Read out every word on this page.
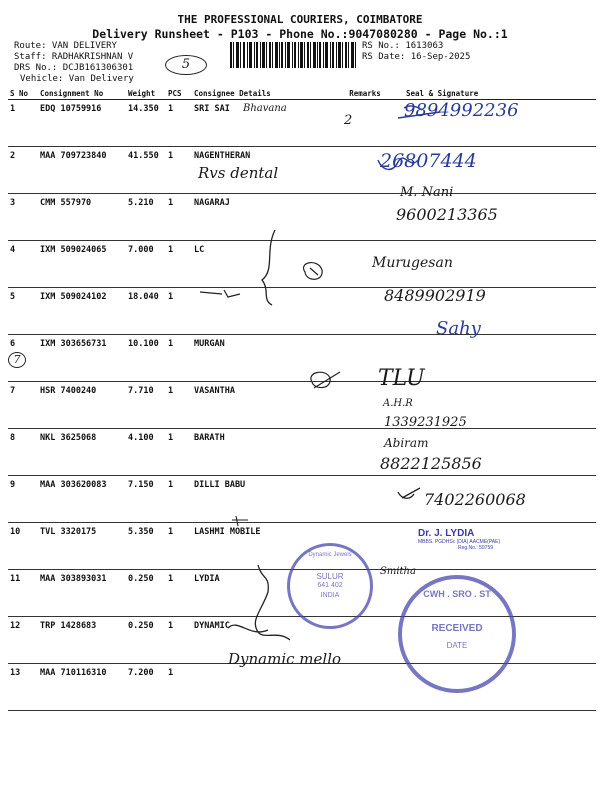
THE PROFESSIONAL COURIERS, COIMBATORE
Delivery Runsheet - P103 - Phone No.:9047080280 - Page No.:1
Route: VAN DELIVERY
Staff: RADHAKRISHNAN V
DRS No.: DCJB161306301
Vehicle: Van Delivery
RS No.: 1613063
RS Date: 16-Sep-2025
5
S No	Consignment No	Weight	PCS	Consignee Details	Remarks	Seal & Signature
1	EDQ 10759916	14.350	1	SRI SAI		
2	MAA 709723840	41.550	1	NAGENTHERAN		
3	CMM 557970	5.210	1	NAGARAJ		
4	IXM 509024065	7.000	1	LC		
5	IXM 509024102	18.040	1			
6	IXM 303656731	10.100	1	MURGAN		
7	HSR 7400240	7.710	1	VASANTHA		
8	NKL 3625068	4.100	1	BARATH		
9	MAA 303620083	7.150	1	DILLI BABU		
10	TVL 3320175	5.350	1	LASHMI MOBILE		
11	MAA 303893031	0.250	1	LYDIA		
12	TRP 1428683	0.250	1	DYNAMIC		
13	MAA 710116310	7.200	1			
Bhavana
2	9894992236
26807444
Rvs dental
M. Nani
9600213365
Murugesan
8489902919
Sahy
TLU
A.H.R
1339231925
Abiram
8822125856
7402260068
Smitha
Dynamic mello
7
Dr. J. LYDIA
MBBS. PGDHSc (DIA) AACME(PAE)
Reg.No.: 59759
Dynamic Jewels
SULUR
641 402
INDIA	CWH . SRO . ST
RECEIVED
DATE
